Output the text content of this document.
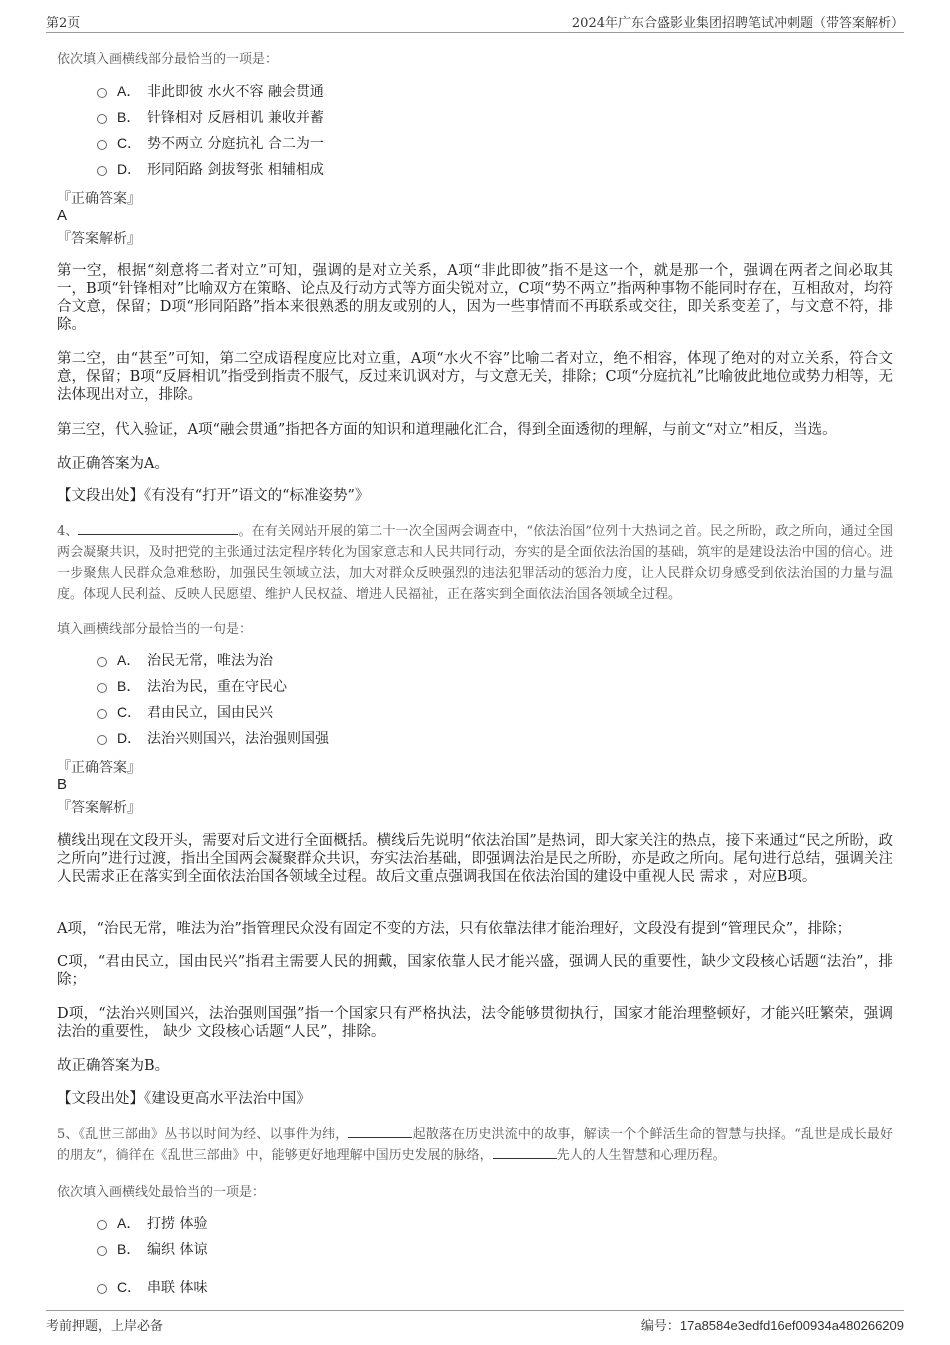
第2页	2024年广东合盛影业集团招聘笔试冲刺题（带答案解析）
依次填入画横线部分最恰当的一项是：
A． 非此即彼 水火不容 融会贯通
B． 针锋相对 反唇相讥 兼收并蓄
C． 势不两立 分庭抗礼 合二为一
D． 形同陌路 剑拔弩张 相辅相成
『正确答案』
A
『答案解析』
第一空，根据“刻意将二者对立”可知，强调的是对立关系，A项“非此即彼”指不是这一个，就是那一个，强调在两者之间必取其一，B项“针锋相对”比喻双方在策略、论点及行动方式等方面尖锐对立，C项“势不两立”指两种事物不能同时存在，互相敌对，均符合文意，保留；D项“形同陌路”指本来很熟悉的朋友或别的人，因为一些事情而不再联系或交往，即关系变差了，与文意不符，排除。
第二空，由“甚至”可知，第二空成语程度应比对立重，A项“水火不容”比喻二者对立，绝不相容，体现了绝对的对立关系，符合文意，保留；B项“反唇相讥”指受到指责不服气，反过来讥讽对方，与文意无关，排除；C项“分庭抗礼”比喻彼此地位或势力相等，无法体现出对立，排除。
第三空，代入验证，A项“融会贯通”指把各方面的知识和道理融化汇合，得到全面透彻的理解，与前文“对立”相反，当选。
故正确答案为A。
【文段出处】《有没有“打开”语文的“标准姿势”》
4、	。在有关网站开展的第二十一次全国两会调查中，“依法治国”位列十大热词之首。民之所盼，政之所向，通过全国两会凝聚共识，及时把党的主张通过法定程序转化为国家意志和人民共同行动，夯实的是全面依法治国的基础，筑牢的是建设法治中国的信心。进一步聚焦人民群众急难愁盼，加强民生领域立法，加大对群众反映强烈的违法犯罪活动的惩治力度，让人民群众切身感受到依法治国的力量与温度。体现人民利益、反映人民愿望、维护人民权益、增进人民福祉，正在落实到全面依法治国各领域全过程。
填入画横线部分最恰当的一句是：
A． 治民无常，唯法为治
B． 法治为民，重在守民心
C． 君由民立，国由民兴
D． 法治兴则国兴，法治强则国强
『正确答案』
B
『答案解析』
横线出现在文段开头，需要对后文进行全面概括。横线后先说明“依法治国”是热词，即大家关注的热点，接下来通过“民之所盼，政之所向”进行过渡，指出全国两会凝聚群众共识，夯实法治基础，即强调法治是民之所盼，亦是政之所向。尾句进行总结，强调关注人民需求正在落实到全面依法治国各领域全过程。故后文重点强调我国在依法治国的建设中重视人民 需求 ，对应B项。
A项，“治民无常，唯法为治”指管理民众没有固定不变的方法，只有依靠法律才能治理好，文段没有提到“管理民众”，排除；
C项，“君由民立，国由民兴”指君主需要人民的拥戴，国家依靠人民才能兴盛，强调人民的重要性，缺少文段核心话题“法治”，排除；
D项，“法治兴则国兴，法治强则国强”指一个国家只有严格执法，法令能够贯彻执行，国家才能治理整顿好，才能兴旺繁荣，强调法治的重要性， 缺少 文段核心话题“人民”，排除。
故正确答案为B。
【文段出处】《建设更高水平法治中国》
5、《乱世三部曲》丛书以时间为经、以事件为纬，	起散落在历史洪流中的故事，解读一个个鲜活生命的智慧与抉择。“乱世是成长最好的朋友”，徜徉在《乱世三部曲》中，能够更好地理解中国历史发展的脉络，	先人的人生智慧和心理历程。
依次填入画横线处最恰当的一项是：
A． 打捞 体验
B． 编织 体谅
C． 串联 体味
考前押题，上岸必备	编号：17a8584e3edfd16ef00934a480266209
